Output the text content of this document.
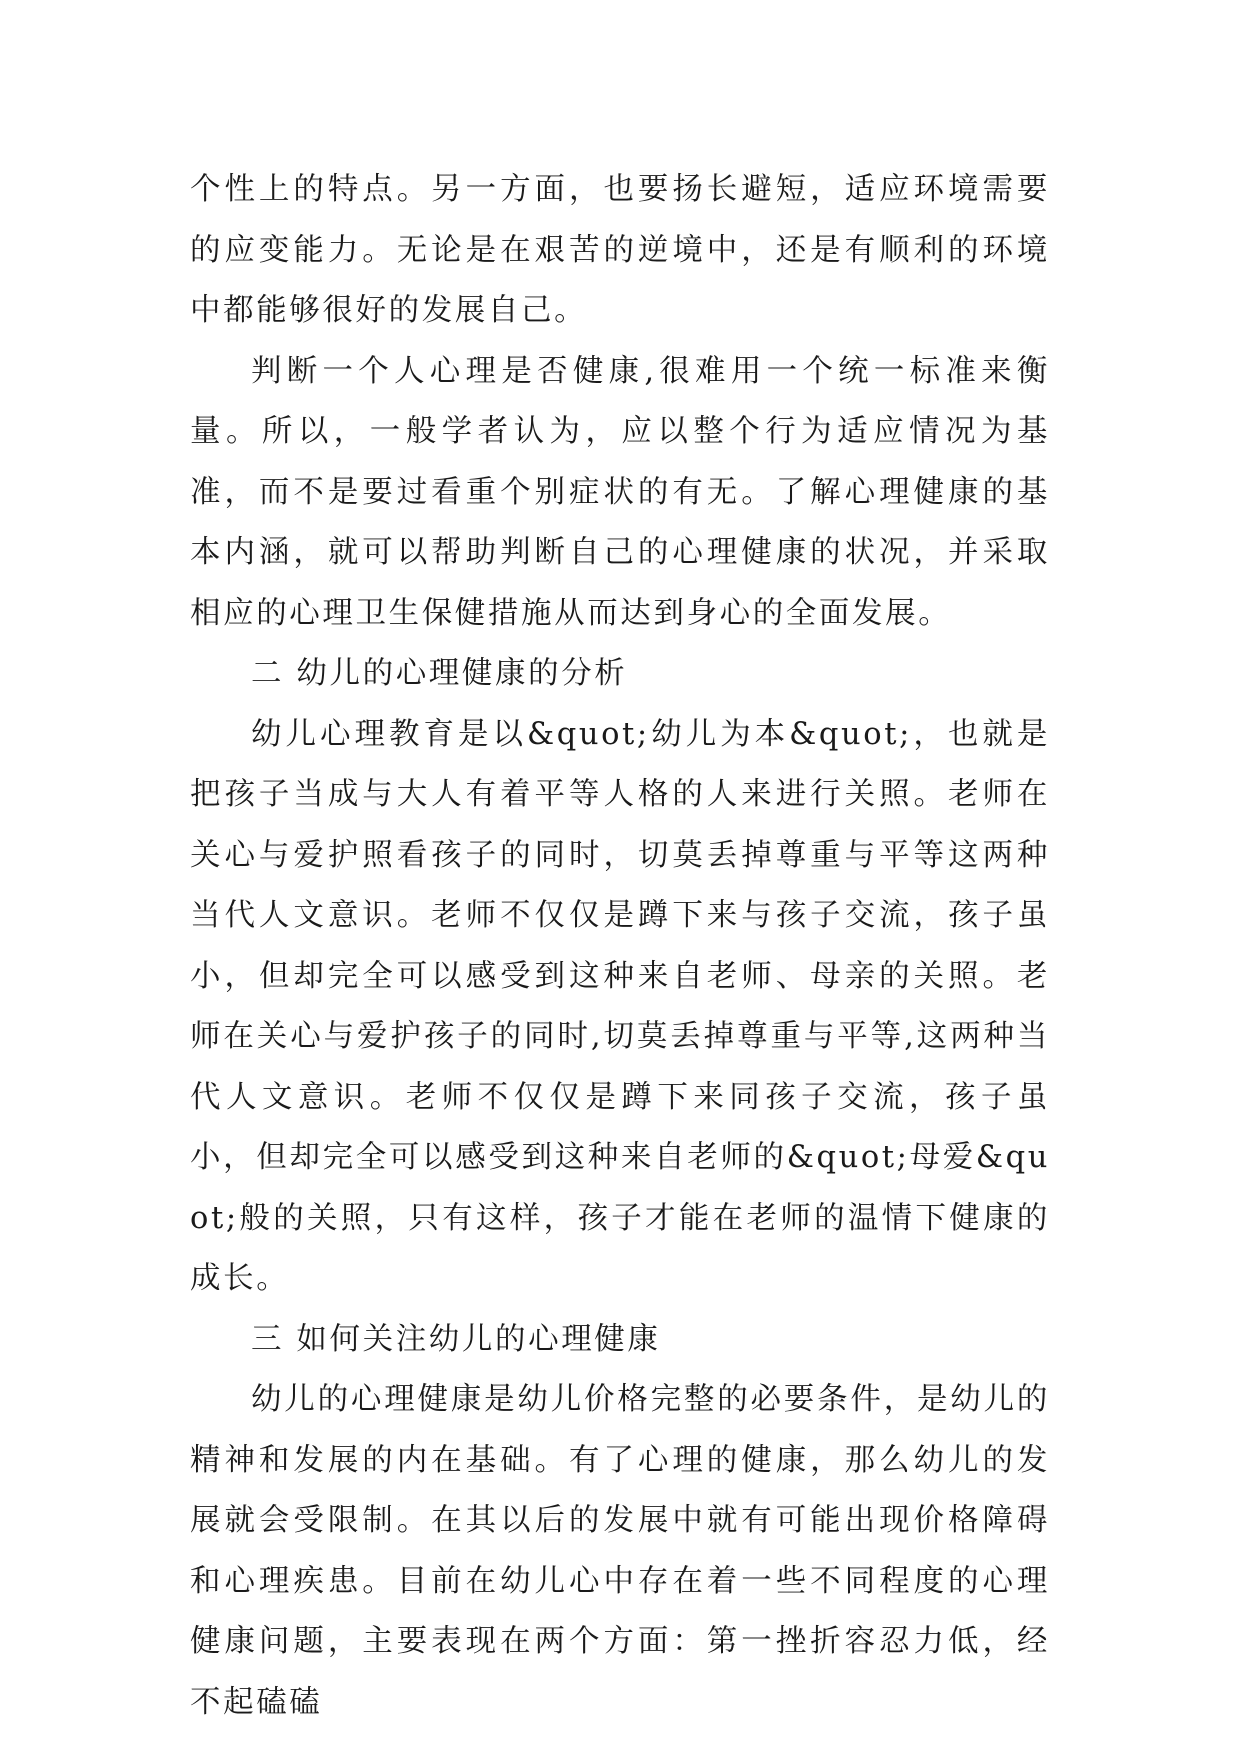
个性上的特点。另一方面，也要扬长避短，适应环境需要的应变能力。无论是在艰苦的逆境中，还是有顺利的环境中都能够很好的发展自己。

判断一个人心理是否健康,很难用一个统一标准来衡量。所以，一般学者认为，应以整个行为适应情况为基准，而不是要过看重个别症状的有无。了解心理健康的基本内涵，就可以帮助判断自己的心理健康的状况，并采取相应的心理卫生保健措施从而达到身心的全面发展。

二 幼儿的心理健康的分析

幼儿心理教育是以&quot;幼儿为本&quot;，也就是把孩子当成与大人有着平等人格的人来进行关照。老师在关心与爱护照看孩子的同时，切莫丢掉尊重与平等这两种当代人文意识。老师不仅仅是蹲下来与孩子交流，孩子虽小，但却完全可以感受到这种来自老师、母亲的关照。老师在关心与爱护孩子的同时,切莫丢掉尊重与平等,这两种当代人文意识。老师不仅仅是蹲下来同孩子交流，孩子虽小，但却完全可以感受到这种来自老师的&quot;母爱&quot;般的关照，只有这样，孩子才能在老师的温情下健康的成长。

三 如何关注幼儿的心理健康

幼儿的心理健康是幼儿价格完整的必要条件，是幼儿的精神和发展的内在基础。有了心理的健康，那么幼儿的发展就会受限制。在其以后的发展中就有可能出现价格障碍和心理疾患。目前在幼儿心中存在着一些不同程度的心理健康问题，主要表现在两个方面：第一挫折容忍力低，经不起磕磕
